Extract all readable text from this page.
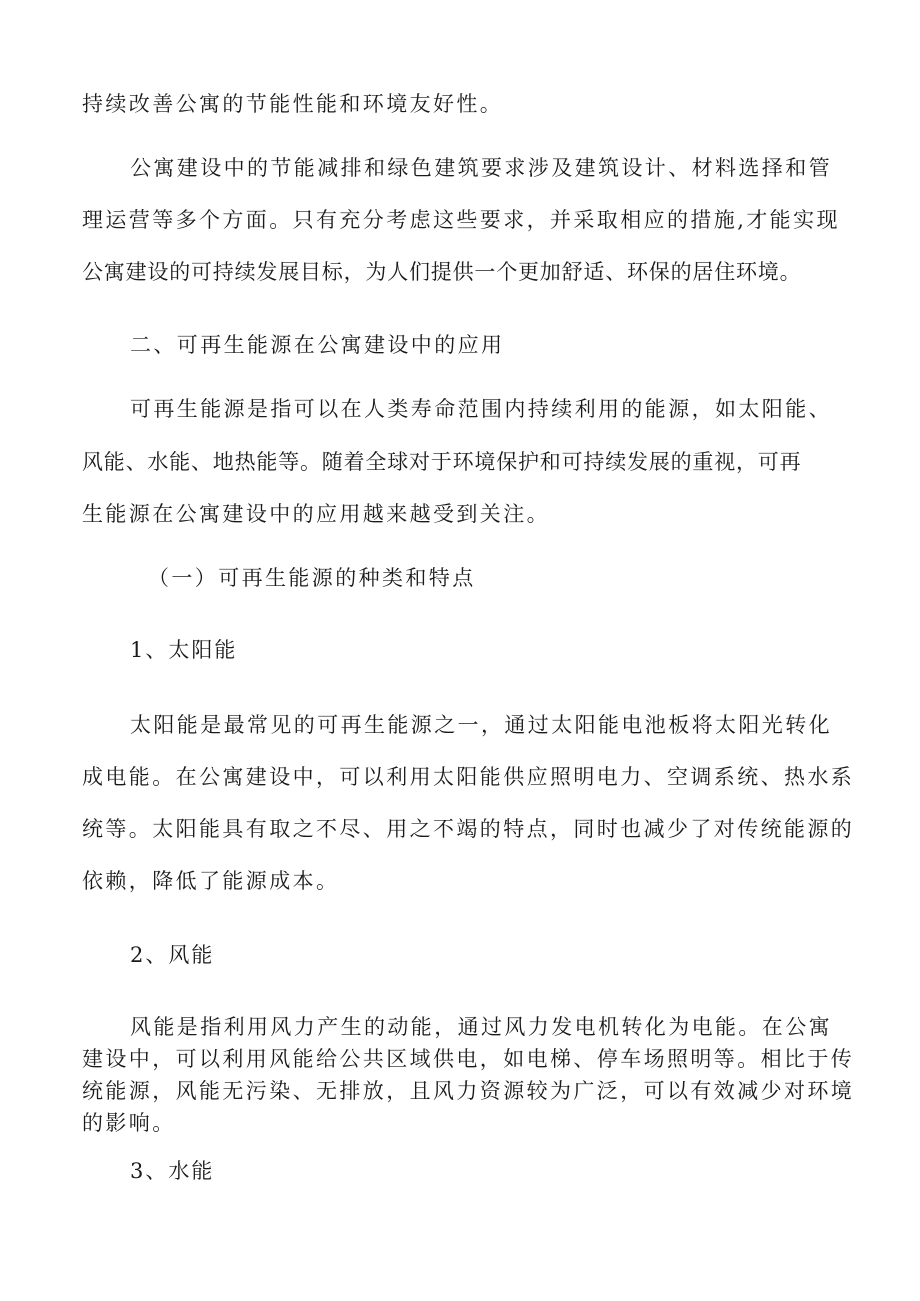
持续改善公寓的节能性能和环境友好性。
公寓建设中的节能减排和绿色建筑要求涉及建筑设计、材料选择和管
理运营等多个方面。只有充分考虑这些要求，并采取相应的措施,才能实现
公寓建设的可持续发展目标，为人们提供一个更加舒适、环保的居住环境。
二、可再生能源在公寓建设中的应用
可再生能源是指可以在人类寿命范围内持续利用的能源，如太阳能、
风能、水能、地热能等。随着全球对于环境保护和可持续发展的重视，可再
生能源在公寓建设中的应用越来越受到关注。
（一）可再生能源的种类和特点
1、太阳能
太阳能是最常见的可再生能源之一，通过太阳能电池板将太阳光转化
成电能。在公寓建设中，可以利用太阳能供应照明电力、空调系统、热水系
统等。太阳能具有取之不尽、用之不竭的特点，同时也减少了对传统能源的
依赖，降低了能源成本。
2、风能
风能是指利用风力产生的动能，通过风力发电机转化为电能。在公寓
建设中，可以利用风能给公共区域供电，如电梯、停车场照明等。相比于传
统能源，风能无污染、无排放，且风力资源较为广泛，可以有效减少对环境
的影响。
3、水能
